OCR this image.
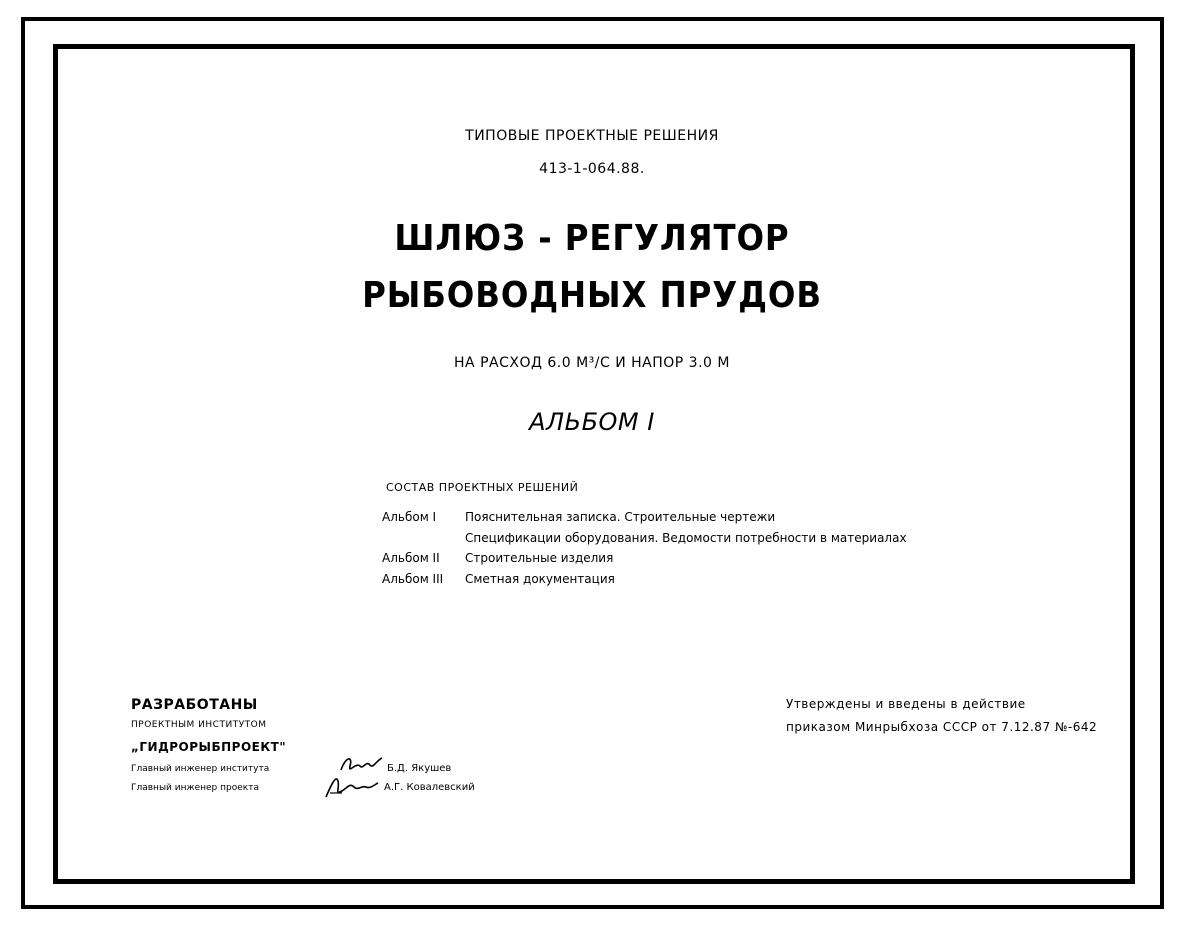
ТИПОВЫЕ ПРОЕКТНЫЕ РЕШЕНИЯ
413-1-064.88.
ШЛЮЗ - РЕГУЛЯТОР
РЫБОВОДНЫХ ПРУДОВ
НА РАСХОД 6.0 М³/С И НАПОР 3.0 М
АЛЬБОМ I
СОСТАВ ПРОЕКТНЫХ РЕШЕНИЙ
Альбом I Пояснительная записка. Строительные чертежи
Спецификации оборудования. Ведомости потребности в материалах
Альбом II Строительные изделия
Альбом III Сметная документация
РАЗРАБОТАНЫ
ПРОЕКТНЫМ ИНСТИТУТОМ
„ГИДРОРЫБПРОЕКТ"
Главный инженер института	Б.Д. Якушев
Главный инженер проекта	А.Г. Ковалевский
Утверждены и введены в действие
приказом Минрыбхоза СССР от 7.12.87 №-642
